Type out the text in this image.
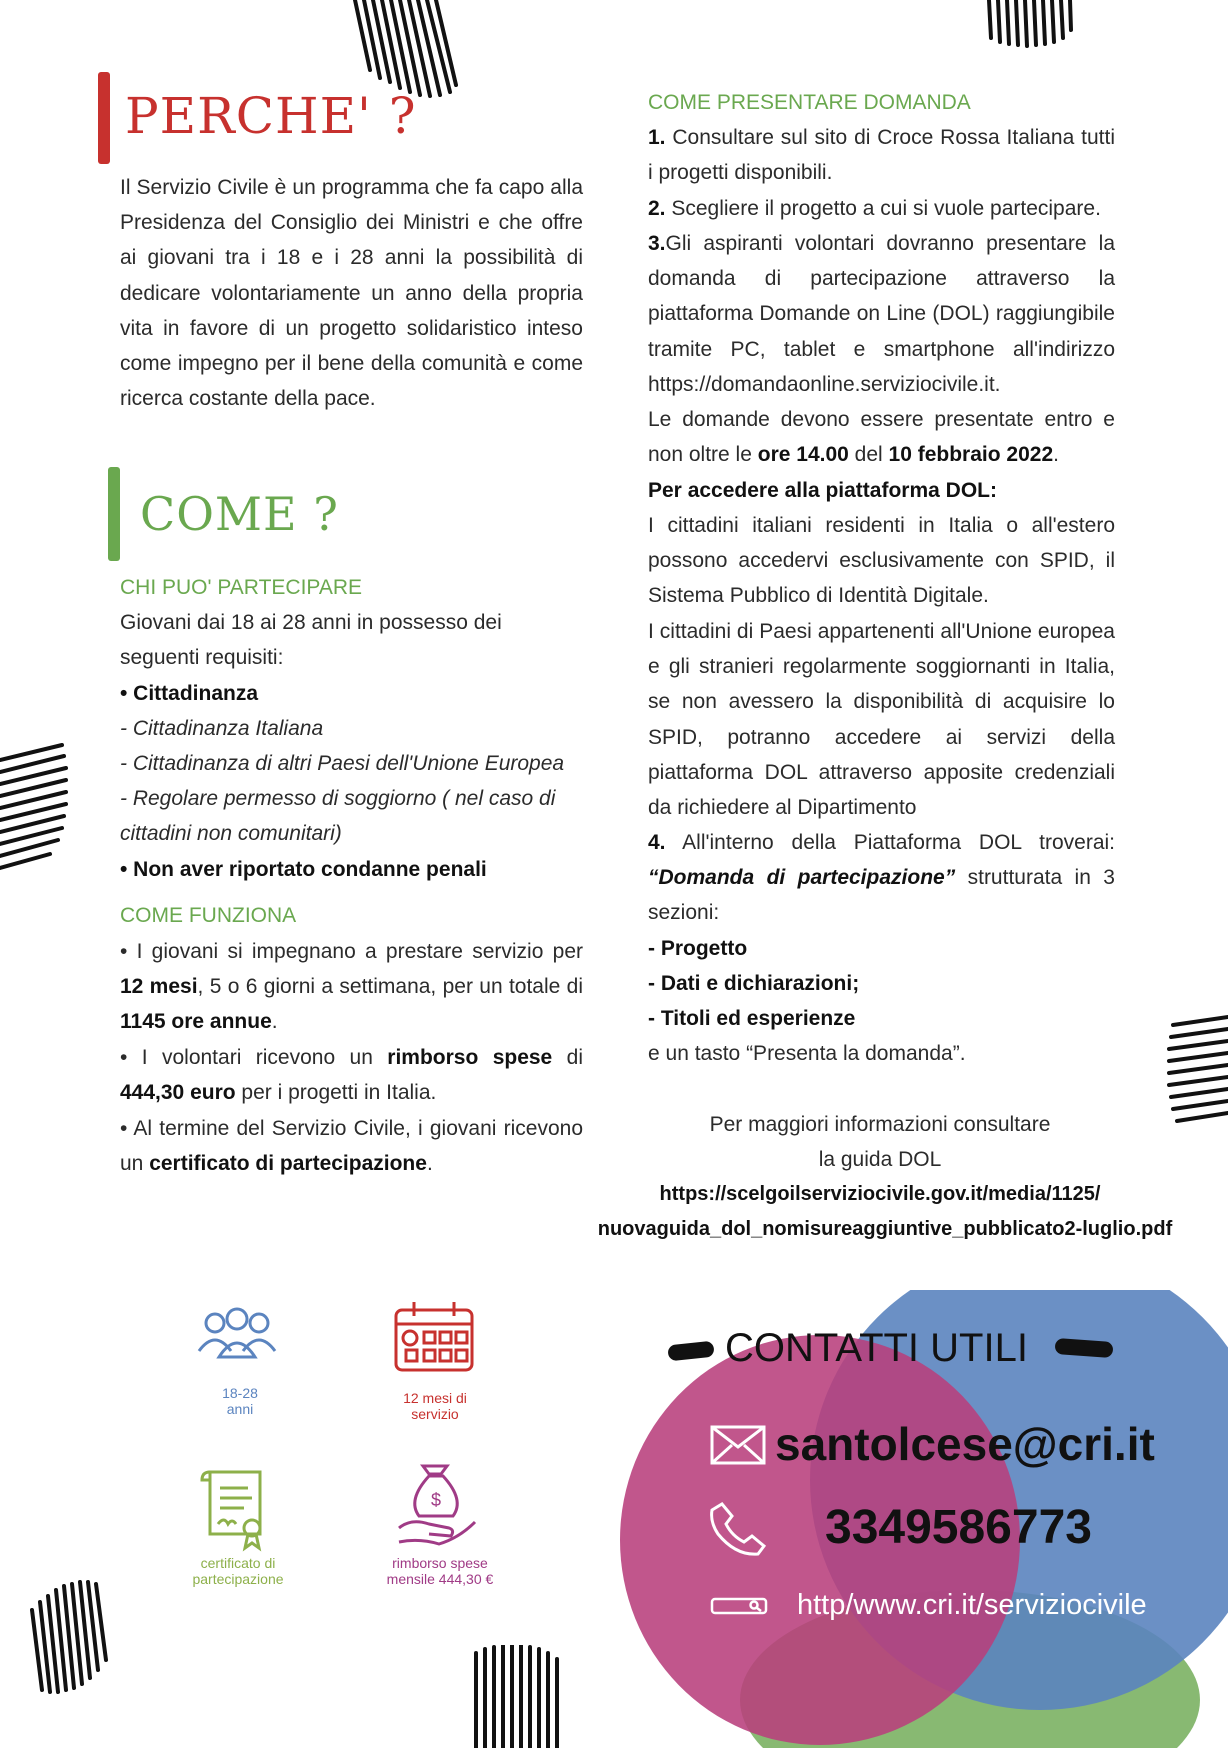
PERCHE' ?
Il Servizio Civile è un programma che fa capo alla Presidenza del Consiglio dei Ministri e che offre ai giovani tra i 18 e i 28 anni la possibilità di dedicare volontariamente un anno della propria vita in favore di un progetto solidaristico inteso come impegno per il bene della comunità e come ricerca costante della pace.
COME ?
CHI PUO' PARTECIPARE
Giovani dai 18 ai 28 anni in possesso dei seguenti requisiti:
• Cittadinanza
- Cittadinanza Italiana
- Cittadinanza di altri Paesi dell'Unione Europea
- Regolare permesso di soggiorno ( nel caso di cittadini non comunitari)
• Non aver riportato condanne penali
COME FUNZIONA
• I giovani si impegnano a prestare servizio per 12 mesi, 5 o 6 giorni a settimana, per un totale di 1145 ore annue.
• I volontari ricevono un rimborso spese di 444,30 euro per i progetti in Italia.
• Al termine del Servizio Civile, i giovani ricevono un certificato di partecipazione.
COME PRESENTARE DOMANDA
1. Consultare sul sito di Croce Rossa Italiana tutti i progetti disponibili.
2. Scegliere il progetto a cui si vuole partecipare.
3.Gli aspiranti volontari dovranno presentare la domanda di partecipazione attraverso la piattaforma Domande on Line (DOL) raggiungibile tramite PC, tablet e smartphone all'indirizzo https://domandaonline.serviziocivile.it.
Le domande devono essere presentate entro e non oltre le ore 14.00 del 10 febbraio 2022.
Per accedere alla piattaforma DOL:
I cittadini italiani residenti in Italia o all'estero possono accedervi esclusivamente con SPID, il Sistema Pubblico di Identità Digitale.
I cittadini di Paesi appartenenti all'Unione europea e gli stranieri regolarmente soggiornanti in Italia, se non avessero la disponibilità di acquisire lo SPID, potranno accedere ai servizi della piattaforma DOL attraverso apposite credenziali da richiedere al Dipartimento
4. All'interno della Piattaforma DOL troverai: “Domanda di partecipazione” strutturata in 3 sezioni:
- Progetto
- Dati e dichiarazioni;
- Titoli ed esperienze
e un tasto “Presenta la domanda”.
Per maggiori informazioni consultare
la guida DOL
https://scelgoilserviziocivile.gov.it/media/1125/
nuovaguida_dol_nomisureaggiuntive_pubblicato2-luglio.pdf
18-28
anni
12 mesi di
servizio
certificato di
partecipazione
$
rimborso spese
mensile 444,30 €
CONTATTI UTILI
santolcese@cri.it
3349586773
http/www.cri.it/serviziocivile
